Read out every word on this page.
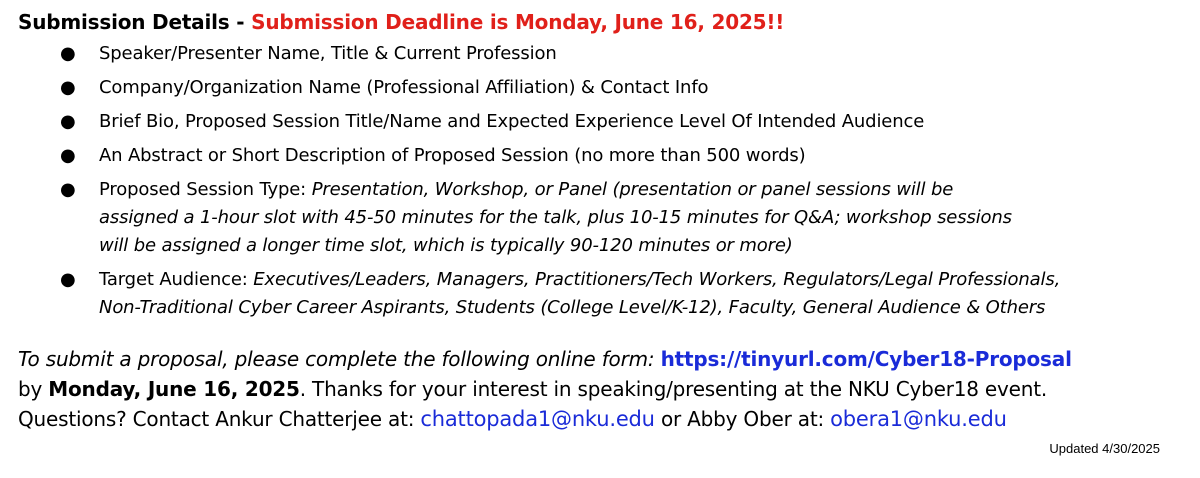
Submission Details - Submission Deadline is Monday, June 16, 2025!!
● Speaker/Presenter Name, Title & Current Profession
● Company/Organization Name (Professional Affiliation) & Contact Info
● Brief Bio, Proposed Session Title/Name and Expected Experience Level Of Intended Audience
● An Abstract or Short Description of Proposed Session (no more than 500 words)
● Proposed Session Type: Presentation, Workshop, or Panel (presentation or panel sessions will be
assigned a 1-hour slot with 45-50 minutes for the talk, plus 10-15 minutes for Q&A; workshop sessions
will be assigned a longer time slot, which is typically 90-120 minutes or more)
● Target Audience: Executives/Leaders, Managers, Practitioners/Tech Workers, Regulators/Legal Professionals,
Non-Traditional Cyber Career Aspirants, Students (College Level/K-12), Faculty, General Audience & Others
To submit a proposal, please complete the following online form: https://tinyurl.com/Cyber18-Proposal
by Monday, June 16, 2025. Thanks for your interest in speaking/presenting at the NKU Cyber18 event.
Questions? Contact Ankur Chatterjee at: chattopada1@nku.edu or Abby Ober at: obera1@nku.edu
Updated 4/30/2025
